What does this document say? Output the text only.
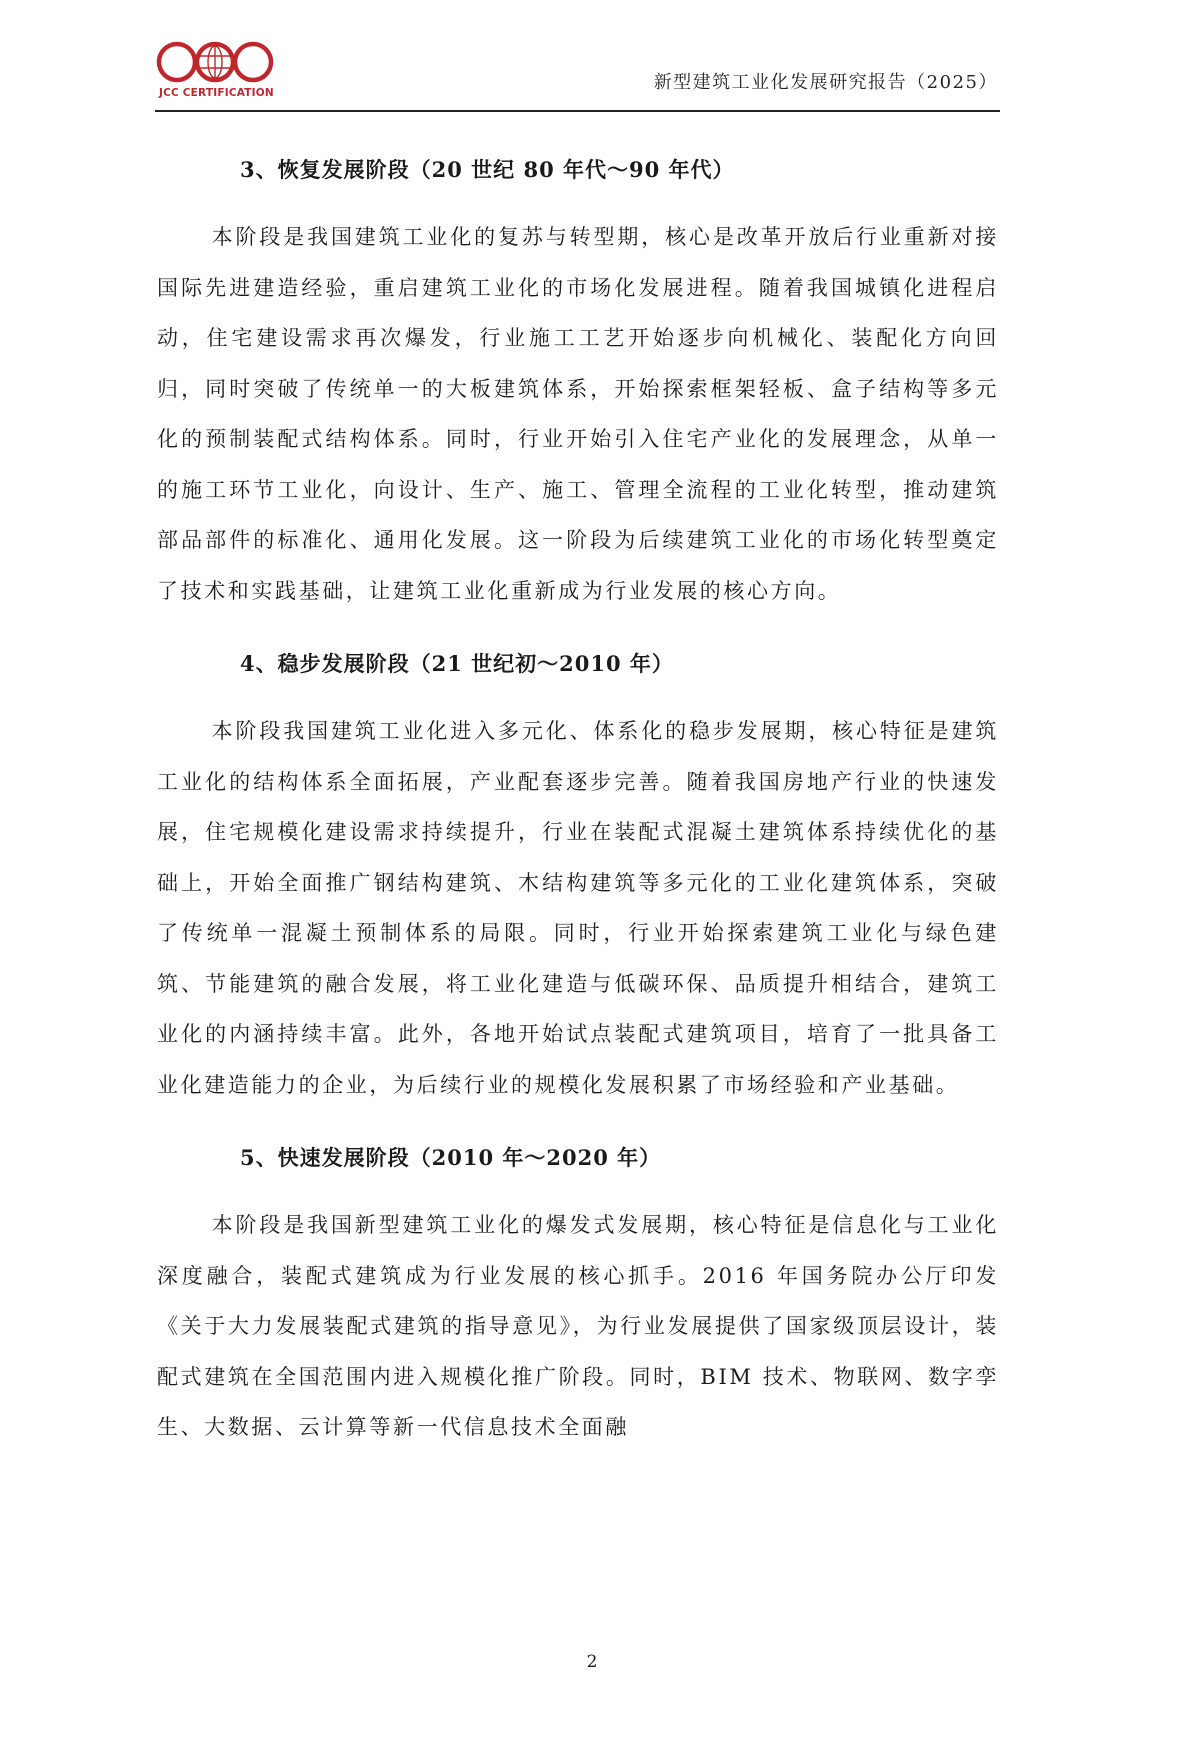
JCC CERTIFICATION	新型建筑工业化发展研究报告（2025）
3、恢复发展阶段（20 世纪 80 年代～90 年代）

本阶段是我国建筑工业化的复苏与转型期，核心是改革开放后行业重新对接国际先进建造经验，重启建筑工业化的市场化发展进程。随着我国城镇化进程启动，住宅建设需求再次爆发，行业施工工艺开始逐步向机械化、装配化方向回归，同时突破了传统单一的大板建筑体系，开始探索框架轻板、盒子结构等多元化的预制装配式结构体系。同时，行业开始引入住宅产业化的发展理念，从单一的施工环节工业化，向设计、生产、施工、管理全流程的工业化转型，推动建筑部品部件的标准化、通用化发展。这一阶段为后续建筑工业化的市场化转型奠定了技术和实践基础，让建筑工业化重新成为行业发展的核心方向。

4、稳步发展阶段（21 世纪初～2010 年）

本阶段我国建筑工业化进入多元化、体系化的稳步发展期，核心特征是建筑工业化的结构体系全面拓展，产业配套逐步完善。随着我国房地产行业的快速发展，住宅规模化建设需求持续提升，行业在装配式混凝土建筑体系持续优化的基础上，开始全面推广钢结构建筑、木结构建筑等多元化的工业化建筑体系，突破了传统单一混凝土预制体系的局限。同时，行业开始探索建筑工业化与绿色建筑、节能建筑的融合发展，将工业化建造与低碳环保、品质提升相结合，建筑工业化的内涵持续丰富。此外，各地开始试点装配式建筑项目，培育了一批具备工业化建造能力的企业，为后续行业的规模化发展积累了市场经验和产业基础。

5、快速发展阶段（2010 年～2020 年）

本阶段是我国新型建筑工业化的爆发式发展期，核心特征是信息化与工业化深度融合，装配式建筑成为行业发展的核心抓手。2016 年国务院办公厅印发《关于大力发展装配式建筑的指导意见》，为行业发展提供了国家级顶层设计，装配式建筑在全国范围内进入规模化推广阶段。同时，BIM 技术、物联网、数字孪生、大数据、云计算等新一代信息技术全面融

2
